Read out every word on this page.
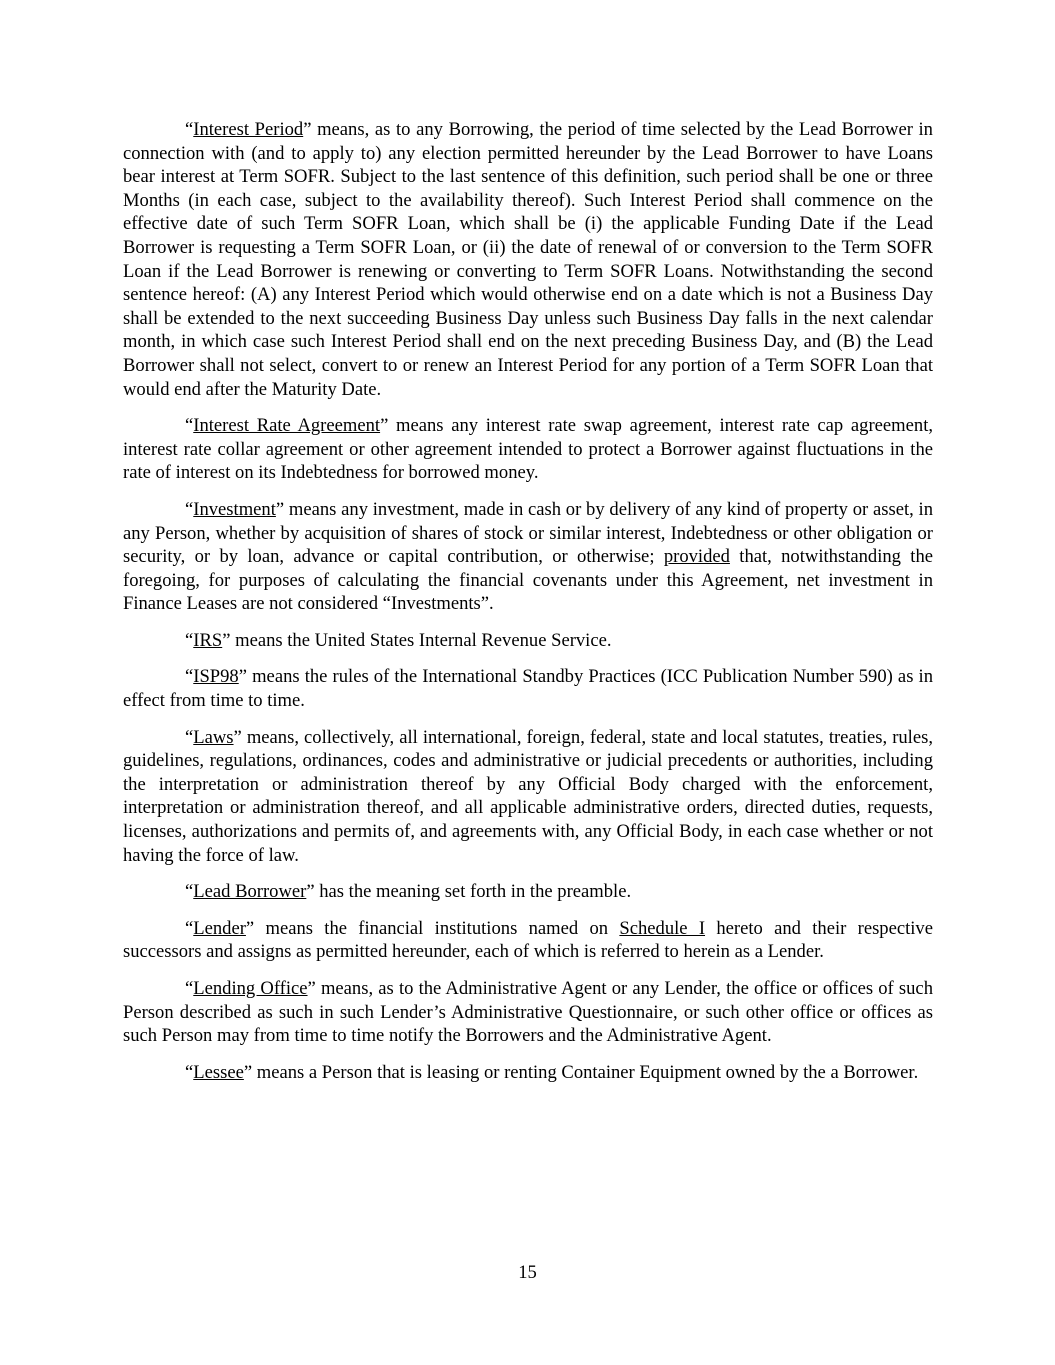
“Interest Period” means, as to any Borrowing, the period of time selected by the Lead Borrower in connection with (and to apply to) any election permitted hereunder by the Lead Borrower to have Loans bear interest at Term SOFR. Subject to the last sentence of this definition, such period shall be one or three Months (in each case, subject to the availability thereof). Such Interest Period shall commence on the effective date of such Term SOFR Loan, which shall be (i) the applicable Funding Date if the Lead Borrower is requesting a Term SOFR Loan, or (ii) the date of renewal of or conversion to the Term SOFR Loan if the Lead Borrower is renewing or converting to Term SOFR Loans. Notwithstanding the second sentence hereof: (A) any Interest Period which would otherwise end on a date which is not a Business Day shall be extended to the next succeeding Business Day unless such Business Day falls in the next calendar month, in which case such Interest Period shall end on the next preceding Business Day, and (B) the Lead Borrower shall not select, convert to or renew an Interest Period for any portion of a Term SOFR Loan that would end after the Maturity Date.

“Interest Rate Agreement” means any interest rate swap agreement, interest rate cap agreement, interest rate collar agreement or other agreement intended to protect a Borrower against fluctuations in the rate of interest on its Indebtedness for borrowed money.

“Investment” means any investment, made in cash or by delivery of any kind of property or asset, in any Person, whether by acquisition of shares of stock or similar interest, Indebtedness or other obligation or security, or by loan, advance or capital contribution, or otherwise; provided that, notwithstanding the foregoing, for purposes of calculating the financial covenants under this Agreement, net investment in Finance Leases are not considered “Investments”.

“IRS” means the United States Internal Revenue Service.

“ISP98” means the rules of the International Standby Practices (ICC Publication Number 590) as in effect from time to time.

“Laws” means, collectively, all international, foreign, federal, state and local statutes, treaties, rules, guidelines, regulations, ordinances, codes and administrative or judicial precedents or authorities, including the interpretation or administration thereof by any Official Body charged with the enforcement, interpretation or administration thereof, and all applicable administrative orders, directed duties, requests, licenses, authorizations and permits of, and agreements with, any Official Body, in each case whether or not having the force of law.

“Lead Borrower” has the meaning set forth in the preamble.

“Lender” means the financial institutions named on Schedule I hereto and their respective successors and assigns as permitted hereunder, each of which is referred to herein as a Lender.

“Lending Office” means, as to the Administrative Agent or any Lender, the office or offices of such Person described as such in such Lender’s Administrative Questionnaire, or such other office or offices as such Person may from time to time notify the Borrowers and the Administrative Agent.

“Lessee” means a Person that is leasing or renting Container Equipment owned by the a Borrower.

15
